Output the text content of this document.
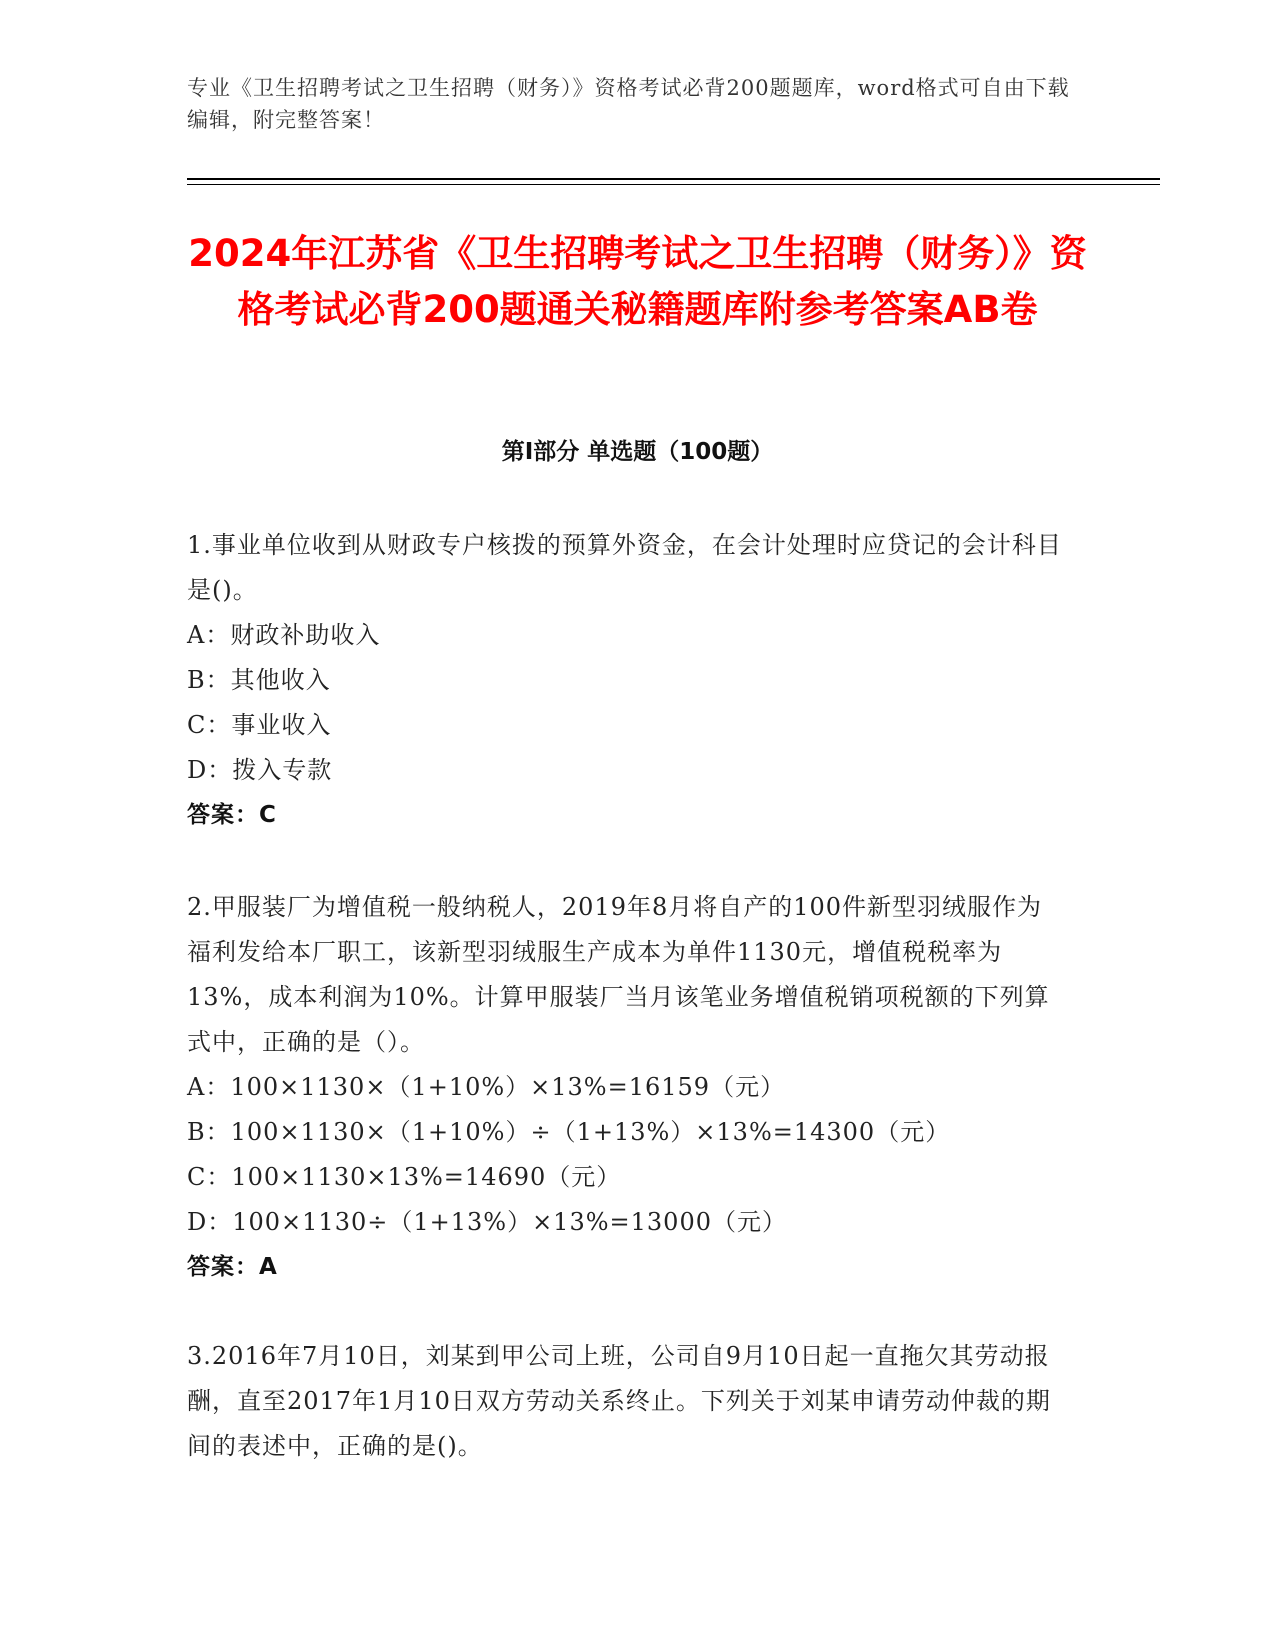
专业《卫生招聘考试之卫生招聘（财务）》资格考试必背200题题库，word格式可自由下载编辑，附完整答案！
2024年江苏省《卫生招聘考试之卫生招聘（财务）》资格考试必背200题通关秘籍题库附参考答案AB卷
第Ⅰ部分 单选题（100题）

1.事业单位收到从财政专户核拨的预算外资金，在会计处理时应贷记的会计科目是()。

A：财政补助收入

B：其他收入

C：事业收入

D：拨入专款

答案：C

2.甲服装厂为增值税一般纳税人，2019年8月将自产的100件新型羽绒服作为福利发给本厂职工，该新型羽绒服生产成本为单件1130元，增值税税率为13%，成本利润为10%。计算甲服装厂当月该笔业务增值税销项税额的下列算式中，正确的是（）。

A：100×1130×（1+10%）×13%=16159（元）

B：100×1130×（1+10%）÷（1+13%）×13%=14300（元）

C：100×1130×13%=14690（元）

D：100×1130÷（1+13%）×13%=13000（元）

答案：A

3.2016年7月10日，刘某到甲公司上班，公司自9月10日起一直拖欠其劳动报酬，直至2017年1月10日双方劳动关系终止。下列关于刘某申请劳动仲裁的期间的表述中，正确的是()。
